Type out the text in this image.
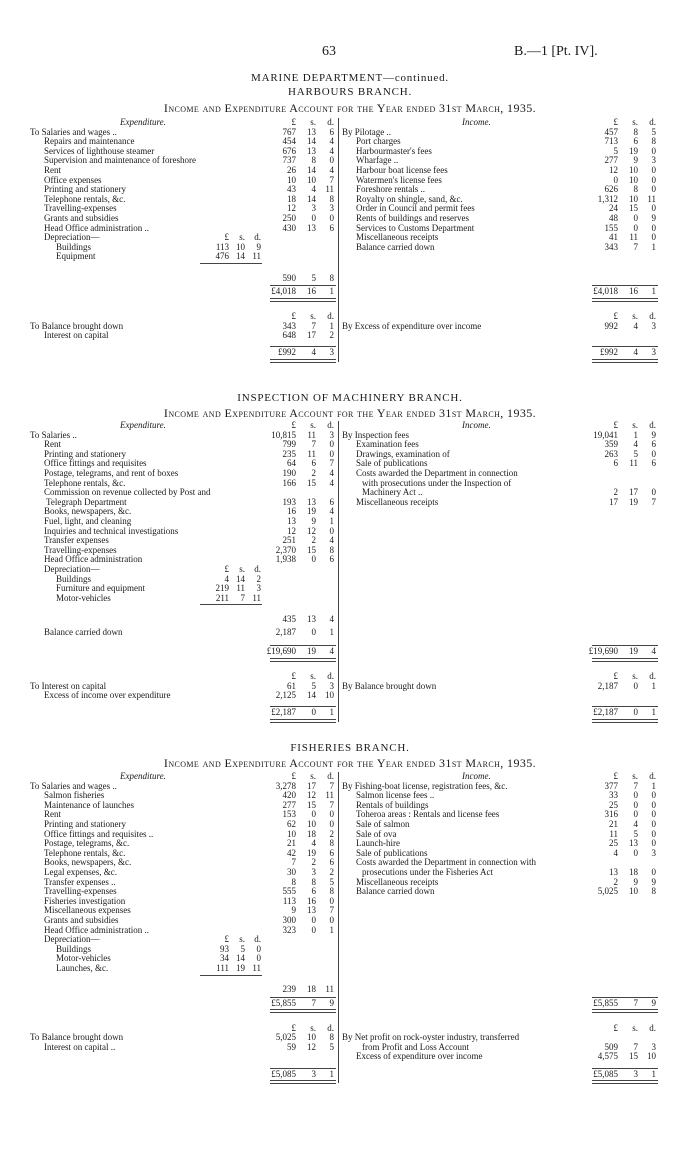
63	B.—1 [Pt. IV].
MARINE DEPARTMENT—continued.
HARBOURS BRANCH.
Income and Expenditure Account for the Year ended 31st March, 1935.
Expenditure.	£	s.	d.
To Salaries and wages ..	767	13	6
Repairs and maintenance	454	14	4
Services of lighthouse steamer	676	13	4
Supervision and maintenance of foreshore	737	8	0
Rent	26	14	4
Office expenses	10	10	7
Printing and stationery	43	4	11
Telephone rentals, &c.	18	14	8
Travelling-expenses	12	3	3
Grants and subsidies	250	0	0
Head Office administration ..	430	13	6
Depreciation—	£	s.	d.
Buildings	113 10	9
Equipment	476 14 11
590	5	8
£4,018	16	1
£	s.	d.
To Balance brought down	343	7	1
Interest on capital	648	17	2
£992	4	3
Income.	£	s.	d.
By Pilotage ..	457	8	5
Port charges	713	6	8
Harbourmaster's fees	5	19	0
Wharfage ..	277	9	3
Harbour boat license fees	12	10	0
Watermen's license fees	0	10	0
Foreshore rentals ..	626	8	0
Royalty on shingle, sand, &c.	1,312	10	11
Order in Council and permit fees	24	15	0
Rents of buildings and reserves	48	0	9
Services to Customs Department	155	0	0
Miscellaneous receipts	41	11	0
Balance carried down	343	7	1
£4,018	16	1
£	s.	d.
By Excess of expenditure over income	992	4	3
£992	4	3
INSPECTION OF MACHINERY BRANCH.
Income and Expenditure Account for the Year ended 31st March, 1935.
Expenditure.	£	s.	d.
To Salaries ..	10,815	11	3
Rent	799	7	0
Printing and stationery	235	11	0
Office fittings and requisites	64	6	7
Postage, telegrams, and rent of boxes	190	2	4
Telephone rentals, &c.	166	15	4
Commission on revenue collected by Post and
Telegraph Department	193	13	6
Books, newspapers, &c.	16	19	4
Fuel, light, and cleaning	13	9	1
Inquiries and technical investigations	12	12	0
Transfer expenses	251	2	4
Travelling-expenses	2,370	15	8
Head Office administration	1,938	0	6
Depreciation—	£	s.	d.
Buildings	4 14	2
Furniture and equipment	219 11	3
Motor-vehicles	211	7 11
435	13	4
Balance carried down	2,187	0	1
£19,690	19	4
£	s.	d.
To Interest on capital	61	5	3
Excess of income over expenditure	2,125	14	10
£2,187	0	1
Income.	£	s.	d.
By Inspection fees	19,041	1	9
Examination fees	359	4	6
Drawings, examination of	263	5	0
Sale of publications	6	11	6
Costs awarded the Department in connection
with prosecutions under the Inspection of
Machinery Act ..	2	17	0
Miscellaneous receipts	17	19	7
£19,690	19	4
£	s.	d.
By Balance brought down	2,187	0	1
£2,187	0	1
FISHERIES BRANCH.
Income and Expenditure Account for the Year ended 31st March, 1935.
Expenditure.	£	s.	d.
To Salaries and wages ..	3,278	17	7
Salmon fisheries	420	12	11
Maintenance of launches	277	15	7
Rent	153	0	0
Printing and stationery	62	10	0
Office fittings and requisites ..	10	18	2
Postage, telegrams, &c.	21	4	8
Telephone rentals, &c.	42	19	6
Books, newspapers, &c.	7	2	6
Legal expenses, &c.	30	3	2
Transfer expenses ..	8	8	5
Travelling-expenses	555	6	8
Fisheries investigation	113	16	0
Miscellaneous expenses	9	13	7
Grants and subsidies	300	0	0
Head Office administration ..	323	0	1
Depreciation—	£	s.	d.
Buildings	93	5	0
Motor-vehicles	34 14	0
Launches, &c.	111 19 11
239	18	11
£5,855	7	9
£	s.	d.
To Balance brought down	5,025	10	8
Interest on capital ..	59	12	5
£5,085	3	1
Income.	£	s.	d.
By Fishing-boat license, registration fees, &c.	377	7	1
Salmon license fees ..	33	0	0
Rentals of buildings	25	0	0
Toheroa areas : Rentals and license fees	316	0	0
Sale of salmon	21	4	0
Sale of ova	11	5	0
Launch-hire	25	13	0
Sale of publications	4	0	3
Costs awarded the Department in connection with
prosecutions under the Fisheries Act	13	18	0
Miscellaneous receipts	2	9	9
Balance carried down	5,025	10	8
£5,855	7	9
£	s.	d.
By Net profit on rock-oyster industry, transferred
from Profit and Loss Account	509	7	3
Excess of expenditure over income	4,575	15	10
£5,085	3	1
